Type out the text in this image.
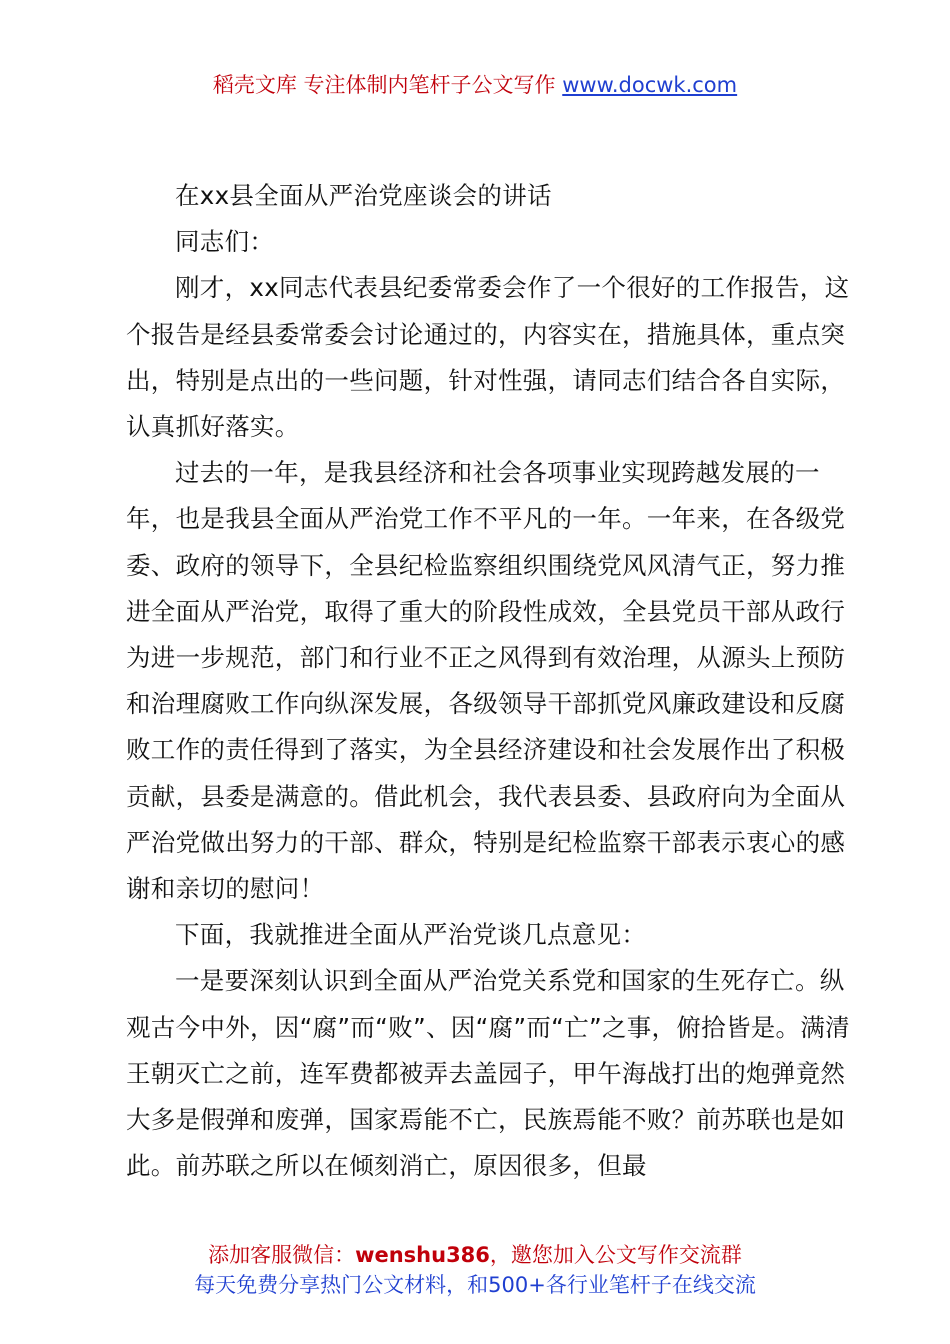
稻壳文库 专注体制内笔杆子公文写作 www.docwk.com

在xx县全面从严治党座谈会的讲话

同志们：

刚才，xx同志代表县纪委常委会作了一个很好的工作报告，这个报告是经县委常委会讨论通过的，内容实在，措施具体，重点突出，特别是点出的一些问题，针对性强，请同志们结合各自实际，认真抓好落实。

过去的一年，是我县经济和社会各项事业实现跨越发展的一年，也是我县全面从严治党工作不平凡的一年。一年来，在各级党委、政府的领导下，全县纪检监察组织围绕党风风清气正，努力推进全面从严治党，取得了重大的阶段性成效，全县党员干部从政行为进一步规范，部门和行业不正之风得到有效治理，从源头上预防和治理腐败工作向纵深发展，各级领导干部抓党风廉政建设和反腐败工作的责任得到了落实，为全县经济建设和社会发展作出了积极贡献，县委是满意的。借此机会，我代表县委、县政府向为全面从严治党做出努力的干部、群众，特别是纪检监察干部表示衷心的感谢和亲切的慰问！

下面，我就推进全面从严治党谈几点意见：

一是要深刻认识到全面从严治党关系党和国家的生死存亡。纵观古今中外，因“腐”而“败”、因“腐”而“亡”之事，俯拾皆是。满清王朝灭亡之前，连军费都被弄去盖园子，甲午海战打出的炮弹竟然大多是假弹和废弹，国家焉能不亡，民族焉能不败？前苏联也是如此。前苏联之所以在倾刻消亡，原因很多，但最

添加客服微信：wenshu386，邀您加入公文写作交流群
每天免费分享热门公文材料，和500+各行业笔杆子在线交流
